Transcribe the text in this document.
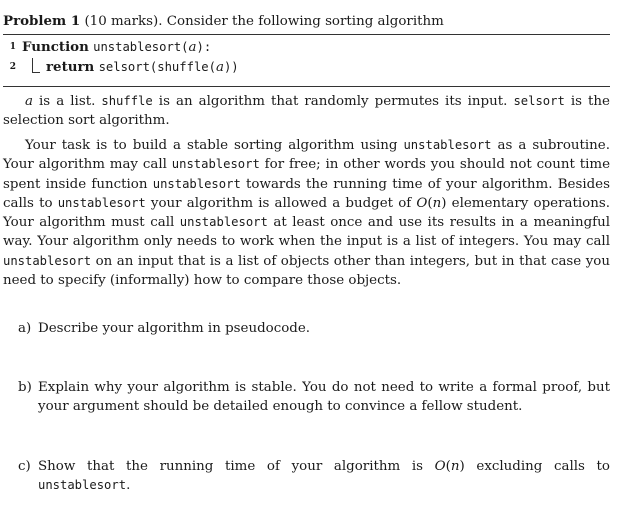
Problem 1 (10 marks). Consider the following sorting algorithm
1 Function unstablesort(a):
2 return selsort(shuffle(a))

a is a list. shuffle is an algorithm that randomly permutes its input. selsort is the selection sort algorithm.

Your task is to build a stable sorting algorithm using unstablesort as a subroutine. Your algorithm may call unstablesort for free; in other words you should not count time spent inside function unstablesort towards the running time of your algorithm. Besides calls to unstablesort your algorithm is allowed a budget of O(n) elementary operations. Your algorithm must call unstablesort at least once and use its results in a meaningful way. Your algorithm only needs to work when the input is a list of integers. You may call unstablesort on an input that is a list of objects other than integers, but in that case you need to specify (informally) how to compare those objects.

a) Describe your algorithm in pseudocode.

b) Explain why your algorithm is stable. You do not need to write a formal proof, but your argument should be detailed enough to convince a fellow student.

c) Show that the running time of your algorithm is O(n) excluding calls to unstablesort.
